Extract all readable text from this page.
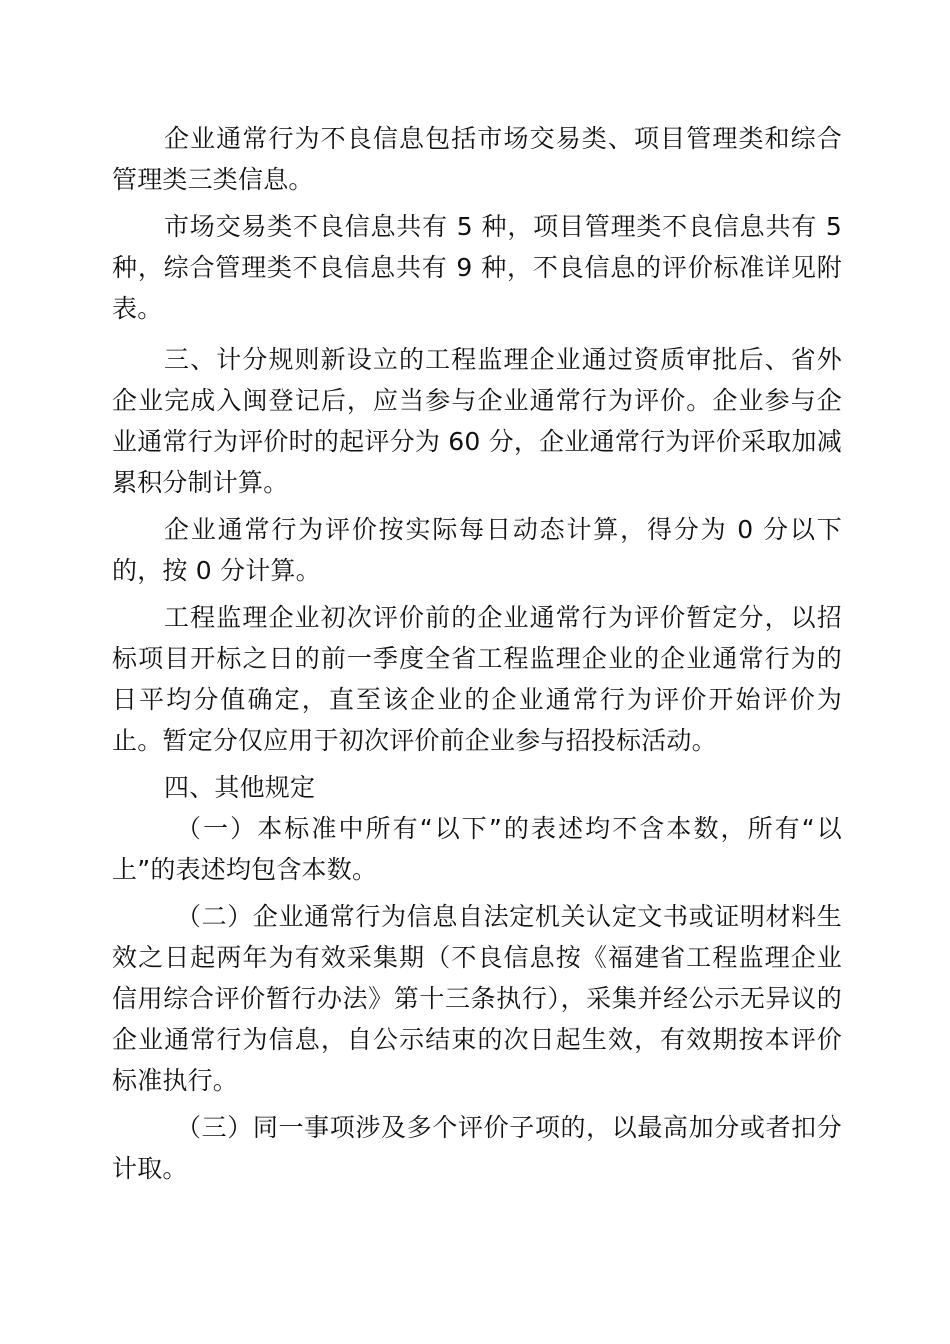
企业通常行为不良信息包括市场交易类、项目管理类和综合管理类三类信息。

市场交易类不良信息共有 5 种，项目管理类不良信息共有 5 种，综合管理类不良信息共有 9 种，不良信息的评价标准详见附表。

三、计分规则新设立的工程监理企业通过资质审批后、省外企业完成入闽登记后，应当参与企业通常行为评价。企业参与企业通常行为评价时的起评分为 60 分，企业通常行为评价采取加减累积分制计算。

企业通常行为评价按实际每日动态计算，得分为 0 分以下的，按 0 分计算。

工程监理企业初次评价前的企业通常行为评价暂定分，以招标项目开标之日的前一季度全省工程监理企业的企业通常行为的日平均分值确定，直至该企业的企业通常行为评价开始评价为止。暂定分仅应用于初次评价前企业参与招投标活动。

四、其他规定

（一）本标准中所有“以下”的表述均不含本数，所有“以上”的表述均包含本数。

（二）企业通常行为信息自法定机关认定文书或证明材料生效之日起两年为有效采集期（不良信息按《福建省工程监理企业信用综合评价暂行办法》第十三条执行），采集并经公示无异议的企业通常行为信息，自公示结束的次日起生效，有效期按本评价标准执行。

（三）同一事项涉及多个评价子项的，以最高加分或者扣分计取。
